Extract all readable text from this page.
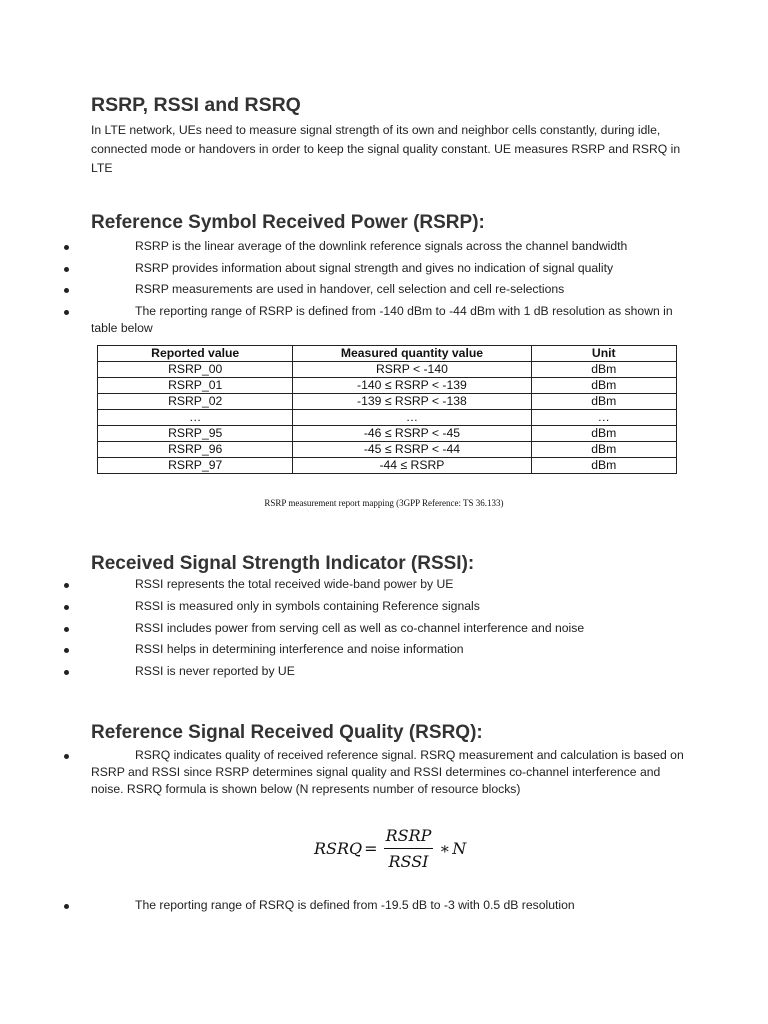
RSRP, RSSI and RSRQ
In LTE network, UEs need to measure signal strength of its own and neighbor cells constantly, during idle, connected mode or handovers in order to keep the signal quality constant. UE measures RSRP and RSRQ in LTE
Reference Symbol Received Power (RSRP):
RSRP is the linear average of the downlink reference signals across the channel bandwidth
RSRP provides information about signal strength and gives no indication of signal quality
RSRP measurements are used in handover, cell selection and cell re-selections
The reporting range of RSRP is defined from -140 dBm to -44 dBm with 1 dB resolution as shown in table below
Reported value	Measured quantity value	Unit
RSRP_00	RSRP < -140	dBm
RSRP_01	-140 ≤ RSRP < -139	dBm
RSRP_02	-139 ≤ RSRP < -138	dBm
…	…	…
RSRP_95	-46 ≤ RSRP < -45	dBm
RSRP_96	-45 ≤ RSRP < -44	dBm
RSRP_97	-44 ≤ RSRP	dBm
RSRP measurement report mapping (3GPP Reference: TS 36.133)
Received Signal Strength Indicator (RSSI):
RSSI represents the total received wide-band power by UE
RSSI is measured only in symbols containing Reference signals
RSSI includes power from serving cell as well as co-channel interference and noise
RSSI helps in determining interference and noise information
RSSI is never reported by UE
Reference Signal Received Quality (RSRQ):
RSRQ indicates quality of received reference signal. RSRQ measurement and calculation is based on RSRP and RSSI since RSRP determines signal quality and RSSI determines co-channel interference and noise. RSRQ formula is shown below (N represents number of resource blocks)
RSRQ = $\frac{\text{RSRP}}{\text{RSSI}}$ ∗ N
The reporting range of RSRQ is defined from -19.5 dB to -3 with 0.5 dB resolution
